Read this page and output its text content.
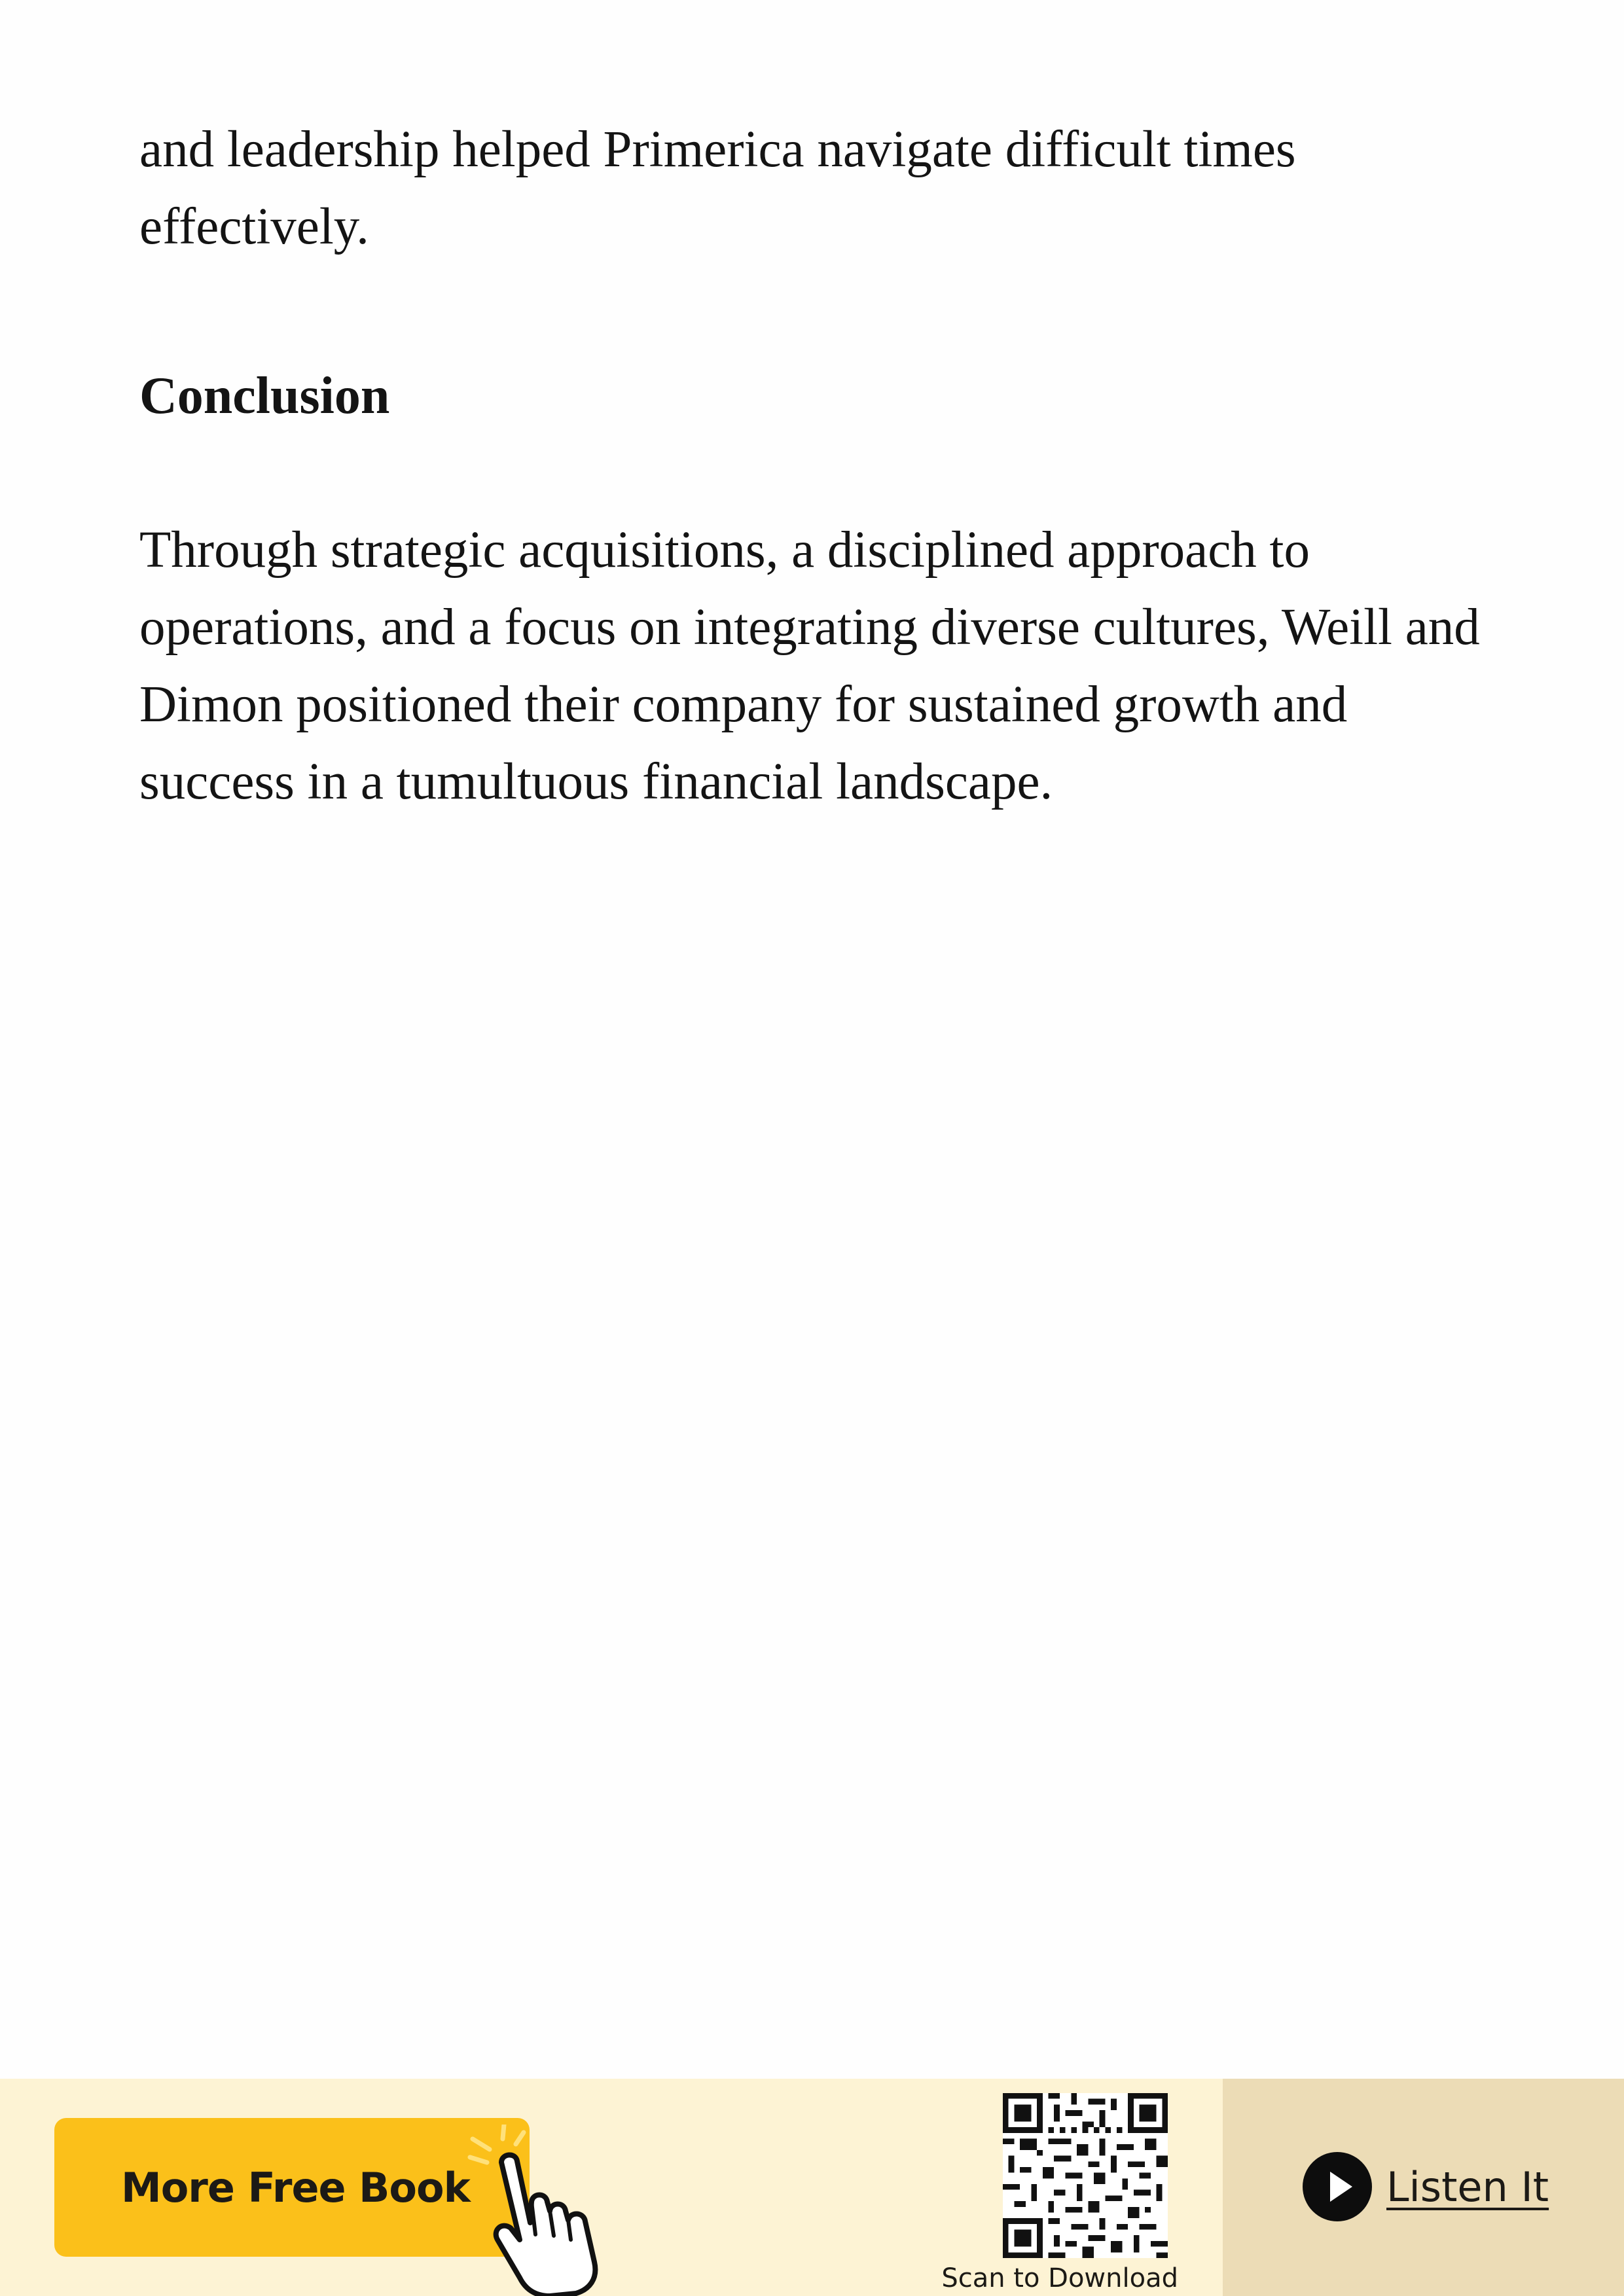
and leadership helped Primerica navigate difficult times effectively.

Conclusion

Through strategic acquisitions, a disciplined approach to operations, and a focus on integrating diverse cultures, Weill and Dimon positioned their company for sustained growth and success in a tumultuous financial landscape.

More Free Book
Scan to Download
Listen It
